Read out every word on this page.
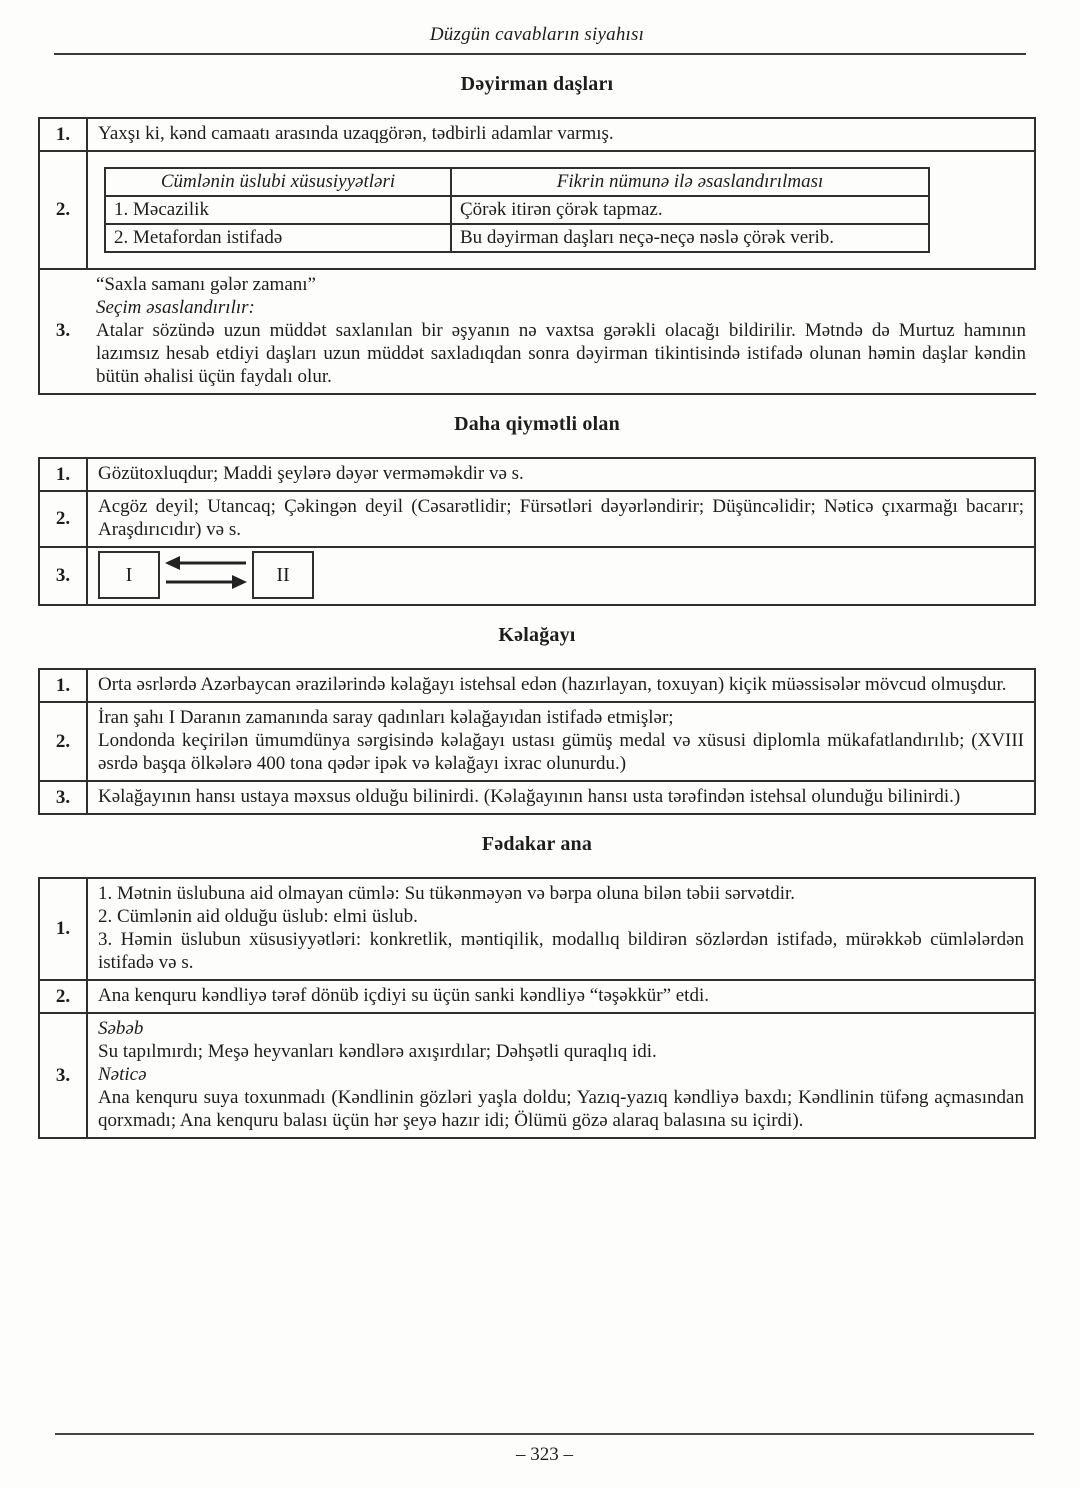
Düzgün cavabların siyahısı
Dəyirman daşları
1.	Yaxşı ki, kənd camaatı arasında uzaqgörən, tədbirli adamlar varmış.
2.
Cümlənin üslubi xüsusiyyətləri	Fikrin nümunə ilə əsaslandırılması
1. Məcazilik	Çörək itirən çörək tapmaz.
2. Metafordan istifadə	Bu dəyirman daşları neçə-neçə nəslə çörək verib.
3.
“Saxla samanı gələr zamanı”
Seçim əsaslandırılır:
Atalar sözündə uzun müddət saxlanılan bir əşyanın nə vaxtsa gərəkli olacağı bildirilir. Mətndə də Murtuz hamının lazımsız hesab etdiyi daşları uzun müddət saxladıqdan sonra dəyirman tikintisində istifadə olunan həmin daşlar kəndin bütün əhalisi üçün faydalı olur.
Daha qiymətli olan
1.	Gözütoxluqdur; Maddi şeylərə dəyər verməməkdir və s.
2.
Acgöz deyil; Utancaq; Çəkingən deyil (Cəsarətlidir; Fürsətləri dəyərləndirir; Düşüncəlidir; Nəticə çıxarmağı bacarır; Araşdırıcıdır) və s.
3.	I	II
Kəlağayı
1.	Orta əsrlərdə Azərbaycan ərazilərində kəlağayı istehsal edən (hazırlayan, toxuyan) kiçik müəssisələr mövcud olmuşdur.
2.
İran şahı I Daranın zamanında saray qadınları kəlağayıdan istifadə etmişlər;
Londonda keçirilən ümumdünya sərgisində kəlağayı ustası gümüş medal və xüsusi diplomla mükafatlandırılıb; (XVIII əsrdə başqa ölkələrə 400 tona qədər ipək və kəlağayı ixrac olunurdu.)
3.	Kəlağayının hansı ustaya məxsus olduğu bilinirdi. (Kəlağayının hansı usta tərəfindən istehsal olunduğu bilinirdi.)
Fədakar ana
1.
1. Mətnin üslubuna aid olmayan cümlə: Su tükənməyən və bərpa oluna bilən təbii sərvətdir.
2. Cümlənin aid olduğu üslub: elmi üslub.
3. Həmin üslubun xüsusiyyətləri: konkretlik, məntiqilik, modallıq bildirən sözlərdən istifadə, mürəkkəb cümlələrdən istifadə və s.
2.	Ana kenquru kəndliyə tərəf dönüb içdiyi su üçün sanki kəndliyə “təşəkkür” etdi.
3.
Səbəb
Su tapılmırdı; Meşə heyvanları kəndlərə axışırdılar; Dəhşətli quraqlıq idi.
Nəticə
Ana kenquru suya toxunmadı (Kəndlinin gözləri yaşla doldu; Yazıq-yazıq kəndliyə baxdı; Kəndlinin tüfəng açmasından qorxmadı; Ana kenquru balası üçün hər şeyə hazır idi; Ölümü gözə alaraq balasına su içirdi).
– 323 –
